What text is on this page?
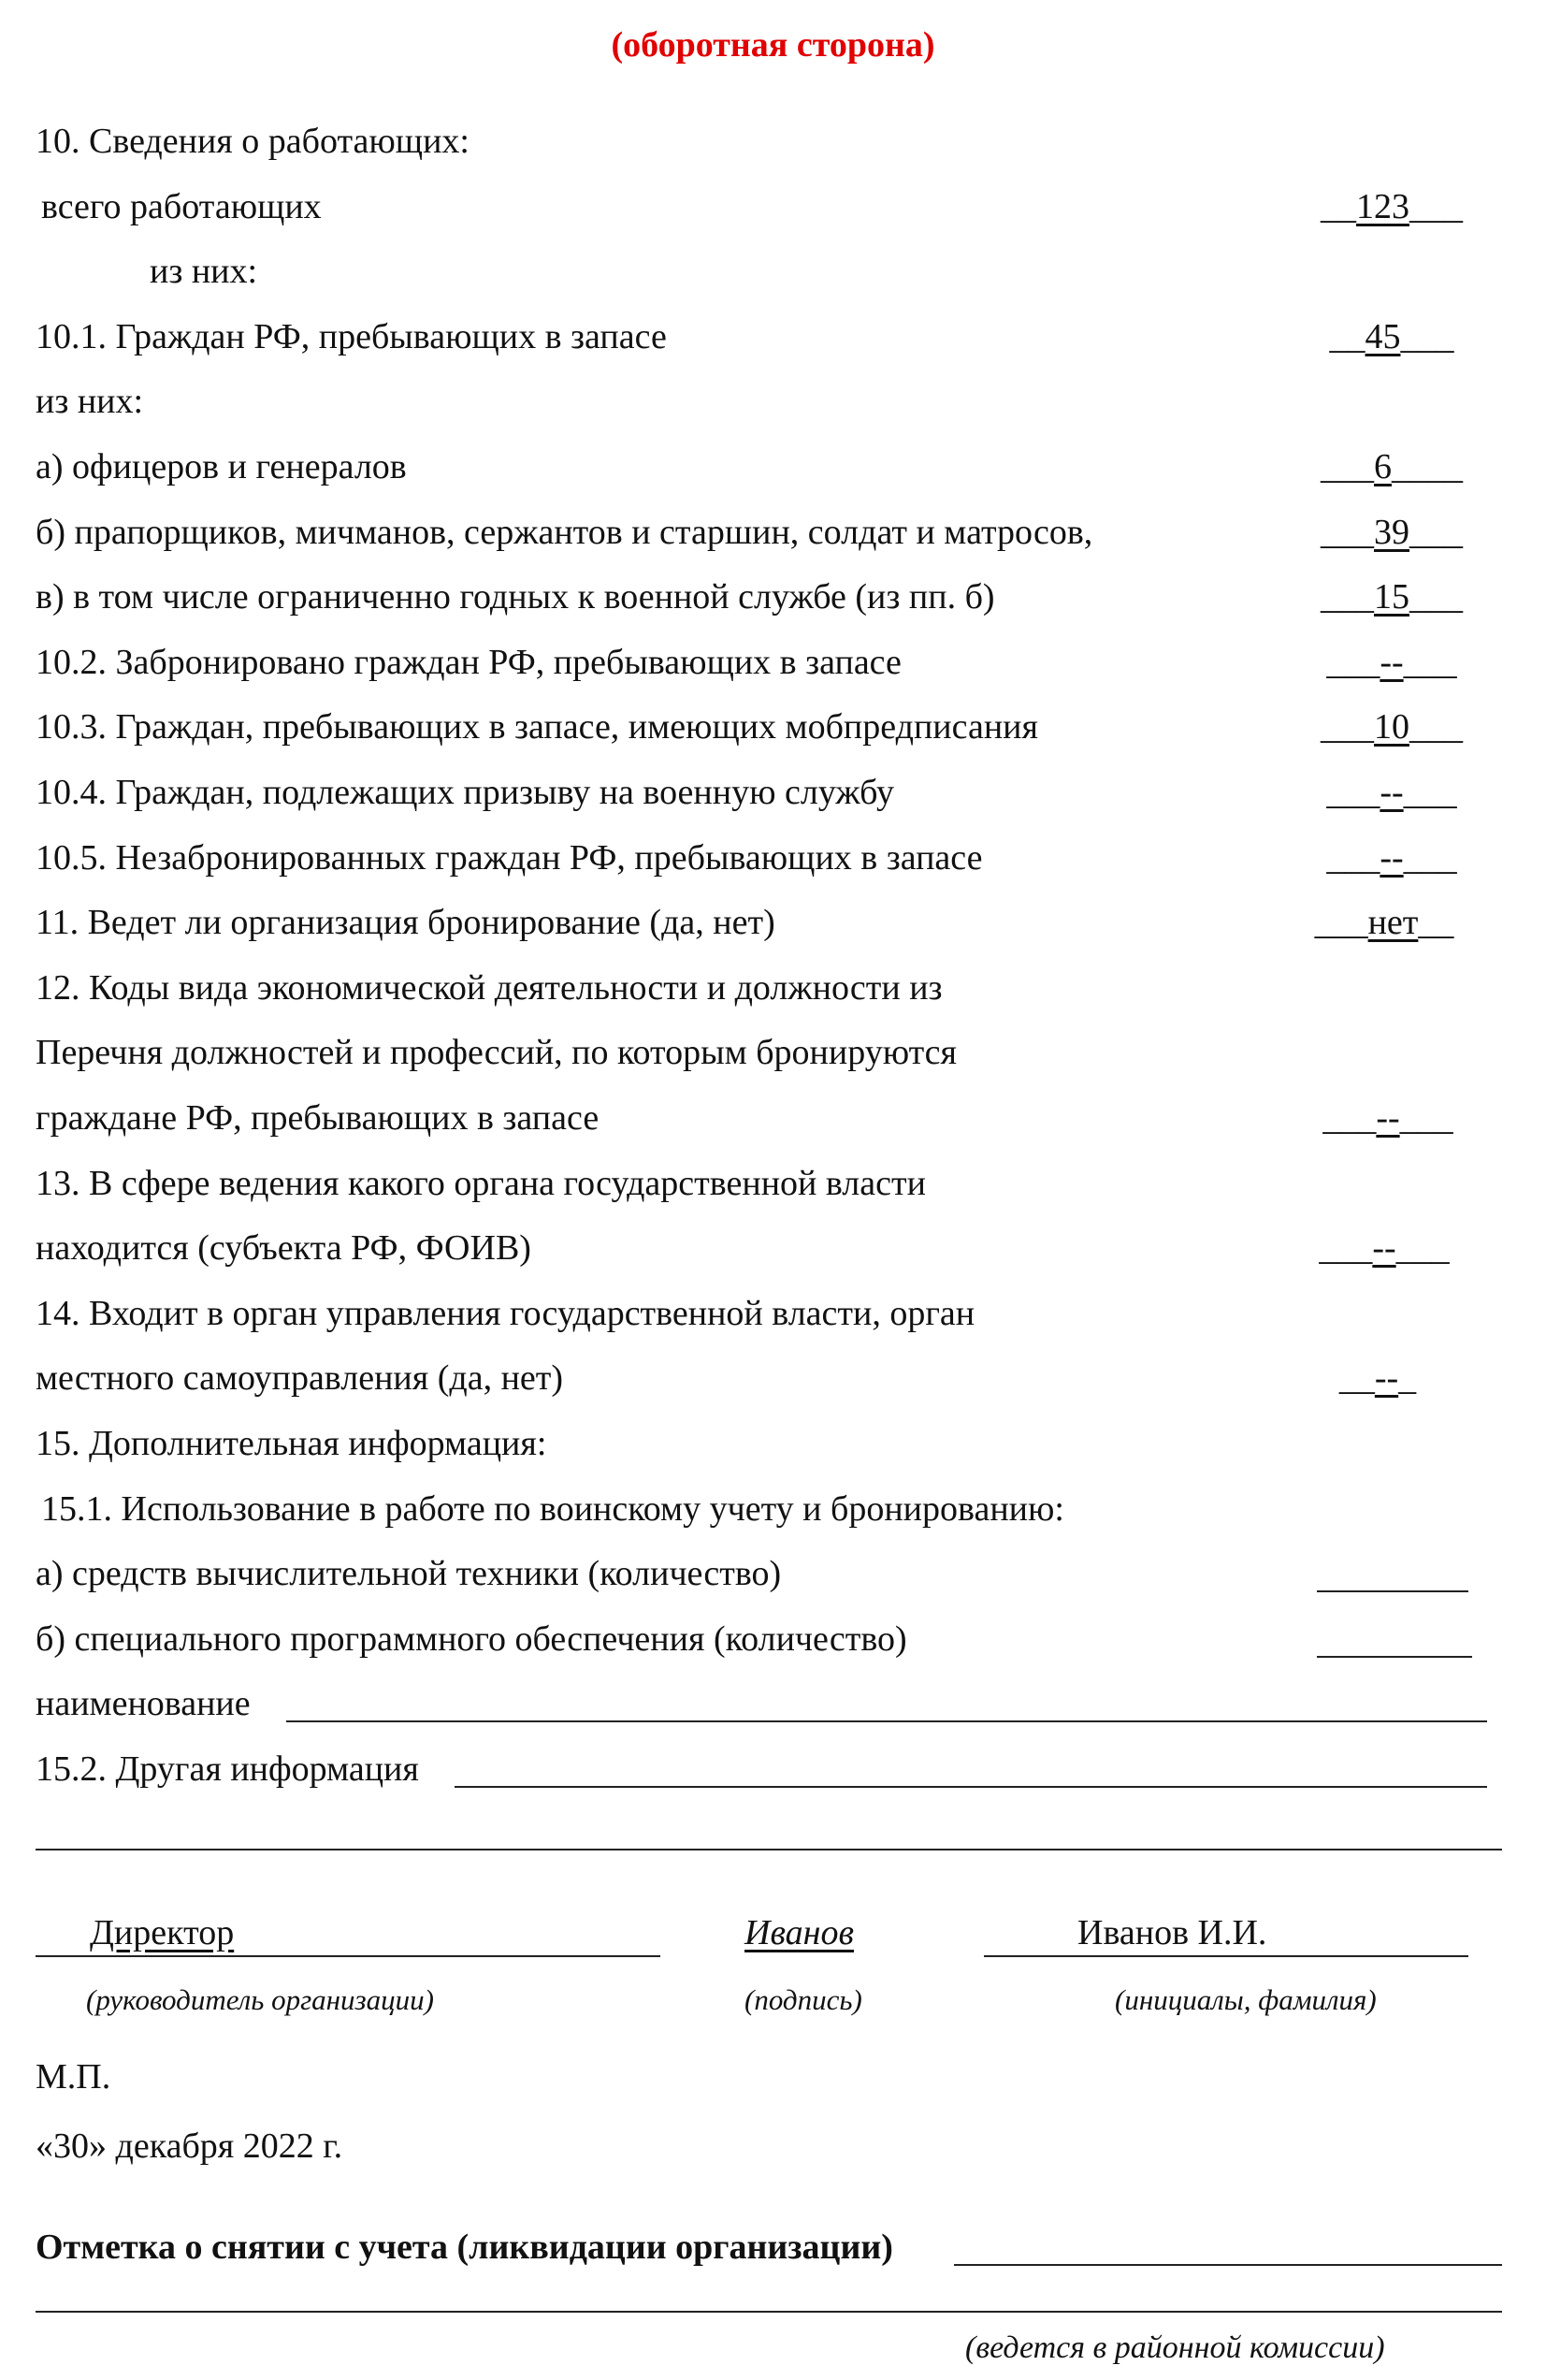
(оборотная сторона)
10. Сведения о работающих:
всего работающих	__123___
из них:
10.1. Граждан РФ, пребывающих в запасе	__45___
из них:
а) офицеров и генералов	___6____
б) прапорщиков, мичманов, сержантов и старшин, солдат и матросов,	___39___
в) в том числе ограниченно годных к военной службе (из пп. б)	___15___
10.2. Забронировано граждан РФ, пребывающих в запасе	___--___
10.3. Граждан, пребывающих в запасе, имеющих мобпредписания	___10___
10.4. Граждан, подлежащих призыву на военную службу	___--___
10.5. Незабронированных граждан РФ, пребывающих в запасе	___--___
11. Ведет ли организация бронирование (да, нет)	___нет__
12. Коды вида экономической деятельности и должности из
Перечня должностей и профессий, по которым бронируются
граждане РФ, пребывающих в запасе	___--___
13. В сфере ведения какого органа государственной власти
находится (субъекта РФ, ФОИВ)	___--___
14. Входит в орган управления государственной власти, орган
местного самоуправления (да, нет)	__--_
15. Дополнительная информация:
15.1. Использование в работе по воинскому учету и бронированию:
а) средств вычислительной техники (количество)
б) специального программного обеспечения (количество)
наименование
15.2. Другая информация
Директор
(руководитель организации)
Иванов
(подпись)
Иванов И.И.
(инициалы, фамилия)
М.П.
«30» декабря 2022 г.
Отметка о снятии с учета (ликвидации организации)
(ведется в районной комиссии)
